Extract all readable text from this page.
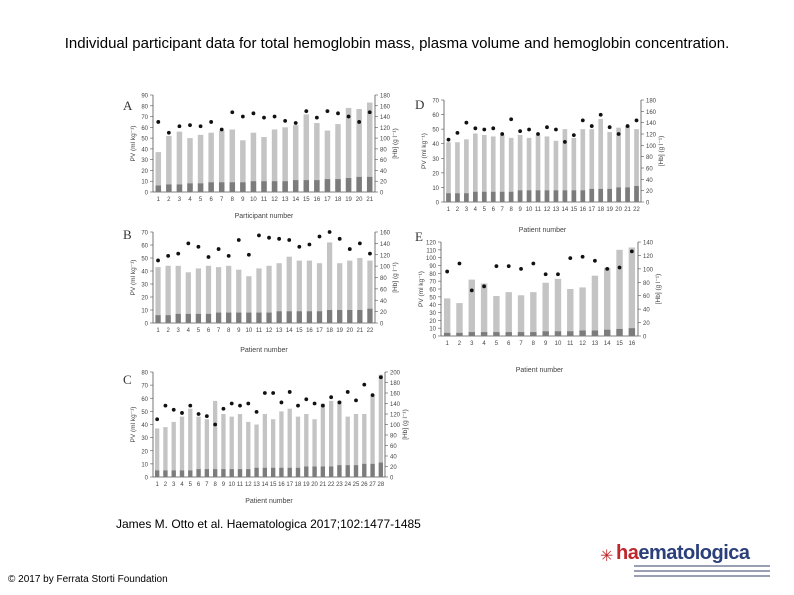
Individual participant data for total hemoglobin mass, plasma volume and hemoglobin concentration.
A
0
10
20
30
40
50
60
70
80
90
0
20
40
60
80
100
120
140
160
180
PV (ml kg⁻¹)	[Hb] (g l⁻¹)
Participant number
1 2 3 4 5 6 7 8 9 10 11 12 13 14 15 16 17 18 19 20 21
B
0
10
20
30
40
50
60
70
0
20
40
60
80
100
120
140
160
PV (ml kg⁻¹)	[Hb] (g l⁻¹)
Patient number
1 2 3 4 5 6 7 8 9 10 11 12 13 14 15 16 17 18 19 20 21 22
C
0
10
20
30
40
50
60
70
80
0
20
40
60
80
100
120
140
160
180
200
PV (ml kg⁻¹)	[Hb] (g l⁻¹)
Patient number
1 2 3 4 5 6 7 8 9 10 11 12 13 14 15 16 17 18 19 20 21 22 23 24 25 26 27 28
D
0
10
20
30
40
50
60
70
0
20
40
60
80
100
120
140
160
180
PV (ml kg⁻¹)	[Hb] (g l⁻¹)
Patient number
1 2 3 4 5 6 7 8 9 10 11 12 13 14 15 16 17 18 19 20 21 22
E
0
10
20
30
40
50
60
70
80
90
100
110
120
0
20
40
60
80
100
120
140
PV (ml kg⁻¹)	[Hb] (g l⁻¹)
Patient number
1 2 3 4 5 6 7 8 9 10 11 12 13 14 15 16
James M. Otto et al. Haematologica 2017;102:1477-1485
© 2017 by Ferrata Storti Foundation
✳ haematologica
